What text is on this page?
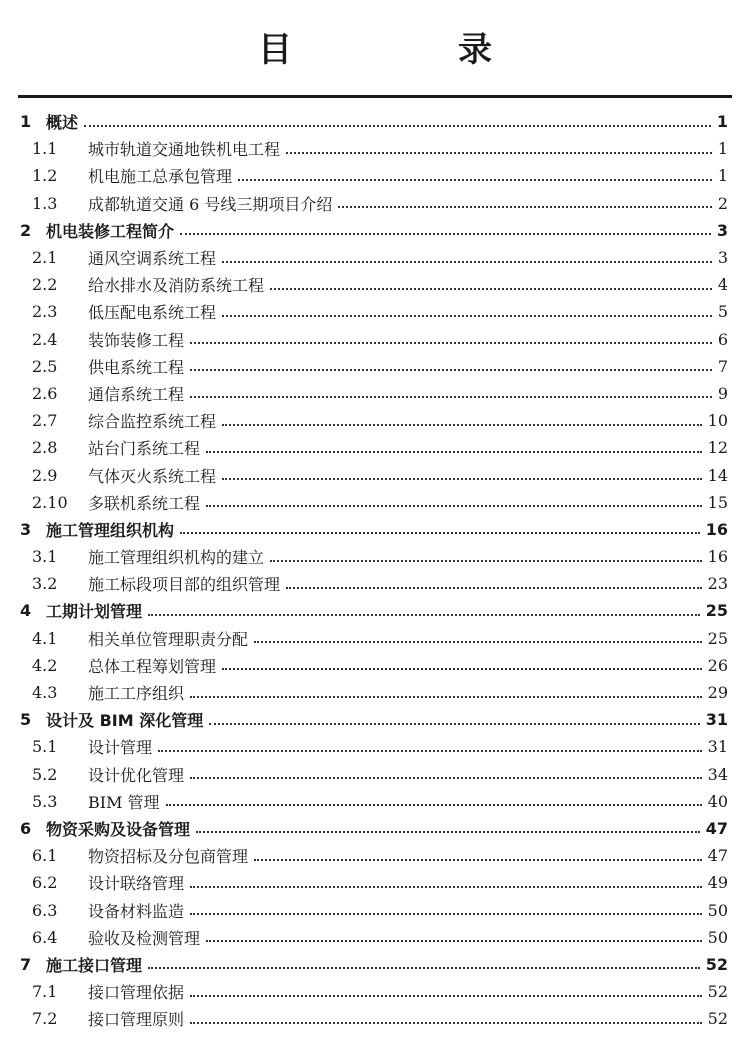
目　录
1 概述	1
1.1	城市轨道交通地铁机电工程	1
1.2	机电施工总承包管理	1
1.3	成都轨道交通 6 号线三期项目介绍	2
2 机电装修工程简介	3
2.1	通风空调系统工程	3
2.2	给水排水及消防系统工程	4
2.3	低压配电系统工程	5
2.4	装饰装修工程	6
2.5	供电系统工程	7
2.6	通信系统工程	9
2.7	综合监控系统工程	10
2.8	站台门系统工程	12
2.9	气体灭火系统工程	14
2.10	多联机系统工程	15
3 施工管理组织机构	16
3.1	施工管理组织机构的建立	16
3.2	施工标段项目部的组织管理	23
4 工期计划管理	25
4.1	相关单位管理职责分配	25
4.2	总体工程筹划管理	26
4.3	施工工序组织	29
5 设计及 BIM 深化管理	31
5.1	设计管理	31
5.2	设计优化管理	34
5.3	BIM 管理	40
6 物资采购及设备管理	47
6.1	物资招标及分包商管理	47
6.2	设计联络管理	49
6.3	设备材料监造	50
6.4	验收及检测管理	50
7 施工接口管理	52
7.1	接口管理依据	52
7.2	接口管理原则	52
